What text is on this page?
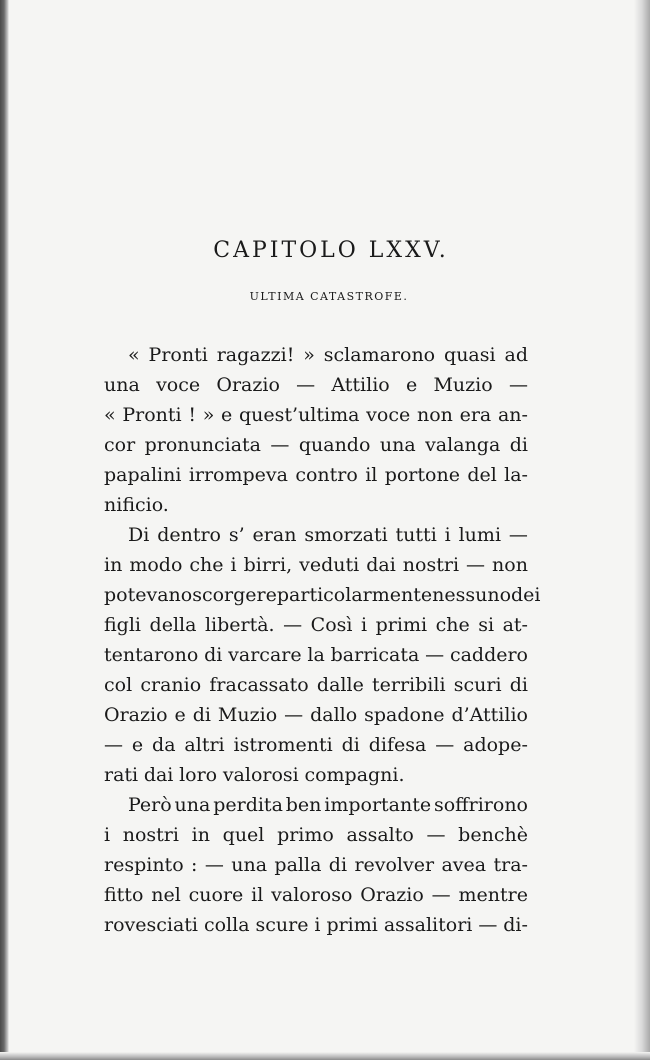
CAPITOLO LXXV.
ULTIMA CATASTROFE.
« Pronti ragazzi! » sclamarono quasi ad
una voce Orazio — Attilio e Muzio —
« Pronti ! » e quest’ultima voce non era an-
cor pronunciata — quando una valanga di
papalini irrompeva contro il portone del la-
nificio.
Di dentro s’ eran smorzati tutti i lumi —
in modo che i birri, veduti dai nostri — non
potevano scorgere particolarmente nessuno dei
figli della libertà. — Così i primi che si at-
tentarono di varcare la barricata — caddero
col cranio fracassato dalle terribili scuri di
Orazio e di Muzio — dallo spadone d’Attilio
— e da altri istromenti di difesa — adope-
rati dai loro valorosi compagni.
Però una perdita ben importante soffrirono
i nostri in quel primo assalto — benchè
respinto : — una palla di revolver avea tra-
fitto nel cuore il valoroso Orazio — mentre
rovesciati colla scure i primi assalitori — di-
